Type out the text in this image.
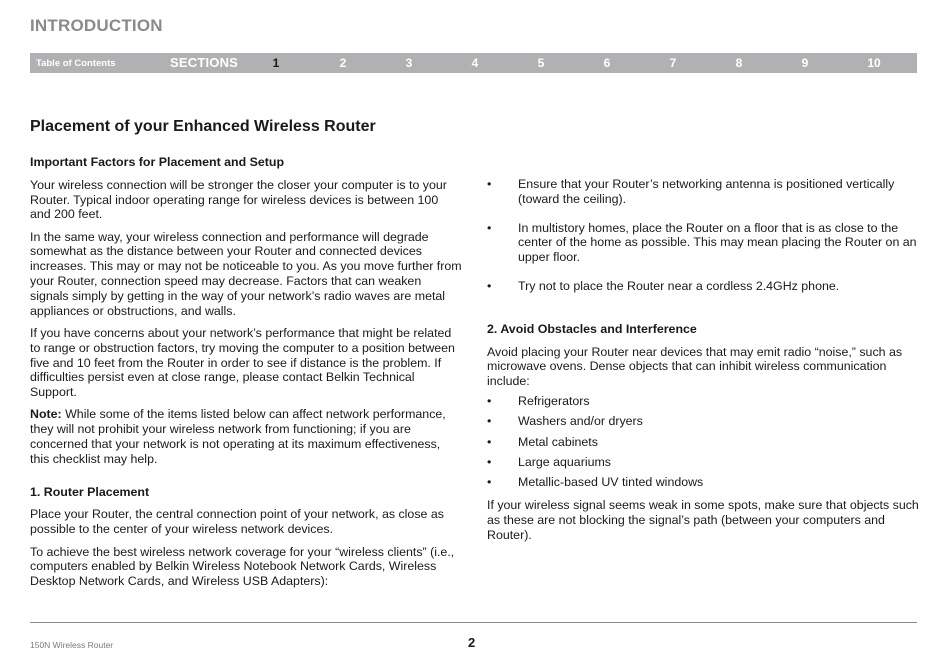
INTRODUCTION
Table of Contents	SECTIONS	1	2	3	4	5	6	7	8	9	10
Placement of your Enhanced Wireless Router
Important Factors for Placement and Setup

Your wireless connection will be stronger the closer your computer is to your Router. Typical indoor operating range for wireless devices is between 100 and 200 feet.

In the same way, your wireless connection and performance will degrade somewhat as the distance between your Router and connected devices increases. This may or may not be noticeable to you. As you move further from your Router, connection speed may decrease. Factors that can weaken signals simply by getting in the way of your network’s radio waves are metal appliances or obstructions, and walls.

If you have concerns about your network’s performance that might be related to range or obstruction factors, try moving the computer to a position between five and 10 feet from the Router in order to see if distance is the problem. If difficulties persist even at close range, please contact Belkin Technical Support.

Note: While some of the items listed below can affect network performance, they will not prohibit your wireless network from functioning; if you are concerned that your network is not operating at its maximum effectiveness, this checklist may help.

1. Router Placement

Place your Router, the central connection point of your network, as close as possible to the center of your wireless network devices.

To achieve the best wireless network coverage for your “wireless clients” (i.e., computers enabled by Belkin Wireless Notebook Network Cards, Wireless Desktop Network Cards, and Wireless USB Adapters):

• Ensure that your Router’s networking antenna is positioned vertically (toward the ceiling).
• In multistory homes, place the Router on a floor that is as close to the center of the home as possible. This may mean placing the Router on an upper floor.
• Try not to place the Router near a cordless 2.4GHz phone.
2. Avoid Obstacles and Interference

Avoid placing your Router near devices that may emit radio “noise,” such as microwave ovens. Dense objects that can inhibit wireless communication include:

• Refrigerators
• Washers and/or dryers
• Metal cabinets
• Large aquariums
• Metallic-based UV tinted windows

If your wireless signal seems weak in some spots, make sure that objects such as these are not blocking the signal’s path (between your computers and Router).

150N Wireless Router	2
